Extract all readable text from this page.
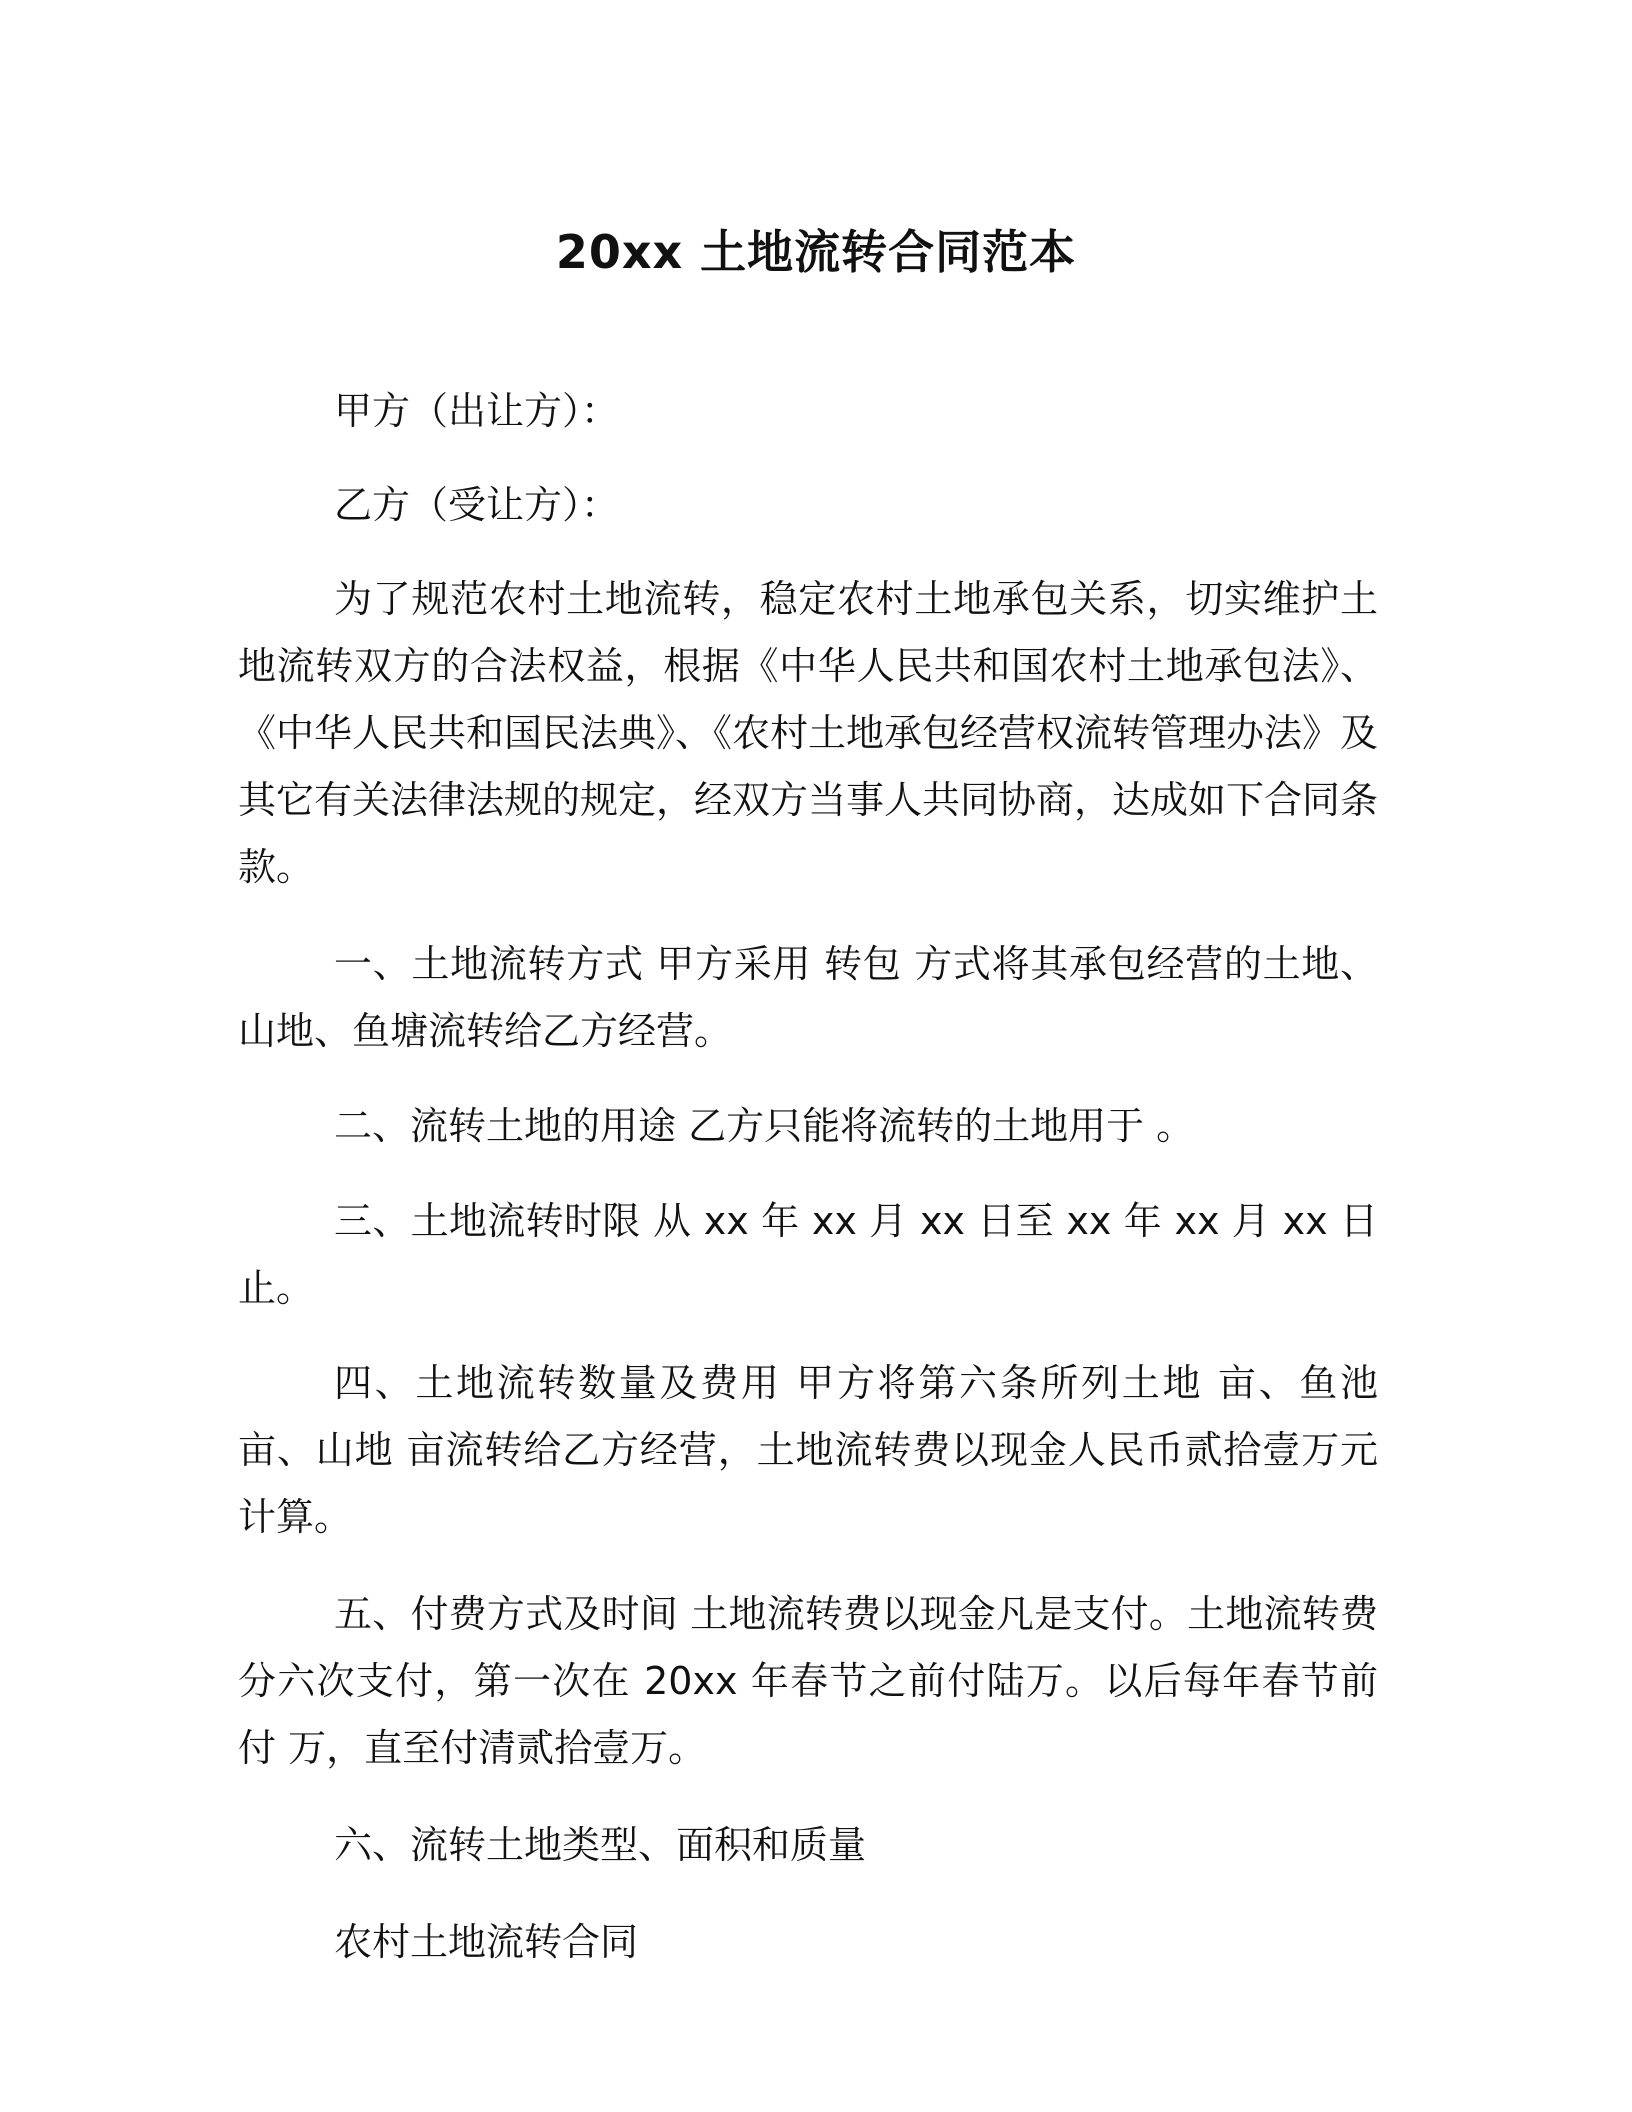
20xx 土地流转合同范本

甲方（出让方）：

乙方（受让方）：

为了规范农村土地流转，稳定农村土地承包关系，切实维护土地流转双方的合法权益，根据《中华人民共和国农村土地承包法》、《中华人民共和国民法典》、《农村土地承包经营权流转管理办法》及其它有关法律法规的规定，经双方当事人共同协商，达成如下合同条款。

一、土地流转方式 甲方采用 转包 方式将其承包经营的土地、山地、鱼塘流转给乙方经营。

二、流转土地的用途 乙方只能将流转的土地用于 。

三、土地流转时限 从 xx 年 xx 月 xx 日至 xx 年 xx 月 xx 日止。

四、土地流转数量及费用 甲方将第六条所列土地 亩、鱼池 亩、山地 亩流转给乙方经营，土地流转费以现金人民币贰拾壹万元计算。

五、付费方式及时间 土地流转费以现金凡是支付。土地流转费分六次支付，第一次在 20xx 年春节之前付陆万。以后每年春节前付 万，直至付清贰拾壹万。

六、流转土地类型、面积和质量

农村土地流转合同
